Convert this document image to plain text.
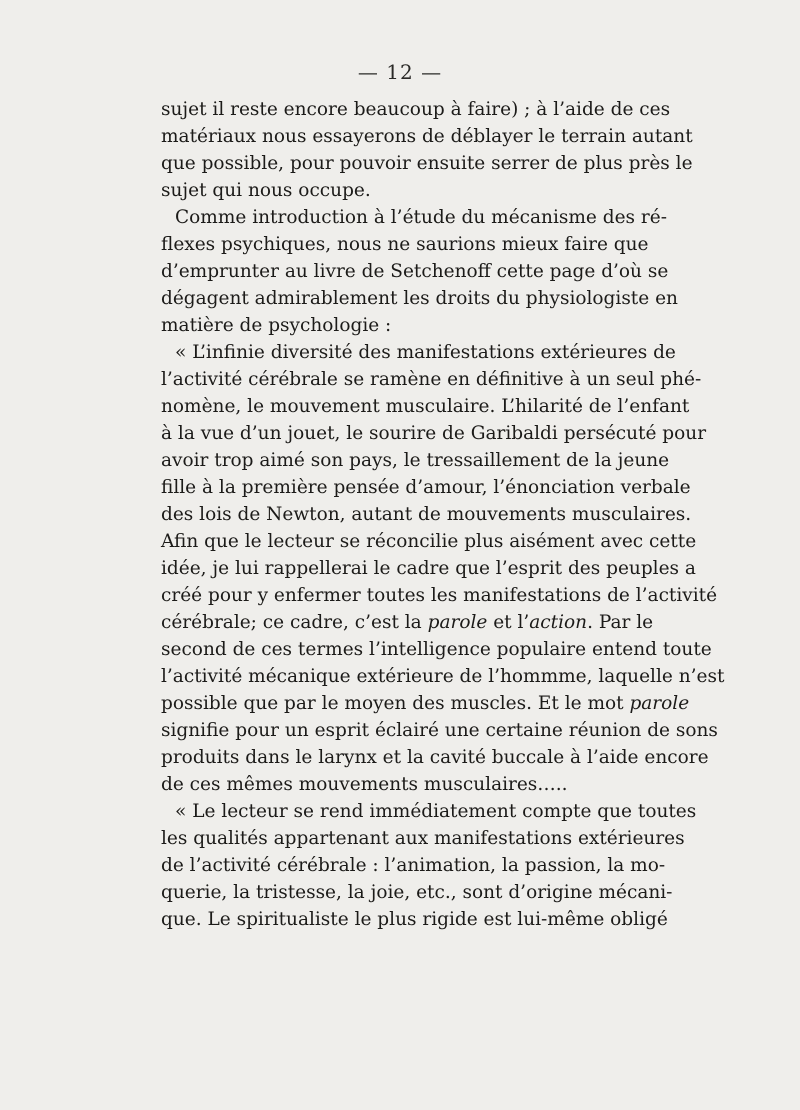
— 12 —
sujet il reste encore beaucoup à faire) ; à l’aide de ces
matériaux nous essayerons de déblayer le terrain autant
que possible, pour pouvoir ensuite serrer de plus près le
sujet qui nous occupe.
Comme introduction à l’étude du mécanisme des ré-
flexes psychiques, nous ne saurions mieux faire que
d’emprunter au livre de Setchenoff cette page d’où se
dégagent admirablement les droits du physiologiste en
matière de psychologie :
« L’infinie diversité des manifestations extérieures de
l’activité cérébrale se ramène en définitive à un seul phé-
nomène, le mouvement musculaire. L’hilarité de l’enfant
à la vue d’un jouet, le sourire de Garibaldi persécuté pour
avoir trop aimé son pays, le tressaillement de la jeune
fille à la première pensée d’amour, l’énonciation verbale
des lois de Newton, autant de mouvements musculaires.
Afin que le lecteur se réconcilie plus aisément avec cette
idée, je lui rappellerai le cadre que l’esprit des peuples a
créé pour y enfermer toutes les manifestations de l’activité
cérébrale; ce cadre, c’est la parole et l’action. Par le
second de ces termes l’intelligence populaire entend toute
l’activité mécanique extérieure de l’hommme, laquelle n’est
possible que par le moyen des muscles. Et le mot parole
signifie pour un esprit éclairé une certaine réunion de sons
produits dans le larynx et la cavité buccale à l’aide encore
de ces mêmes mouvements musculaires…..
« Le lecteur se rend immédiatement compte que toutes
les qualités appartenant aux manifestations extérieures
de l’activité cérébrale : l’animation, la passion, la mo-
querie, la tristesse, la joie, etc., sont d’origine mécani-
que. Le spiritualiste le plus rigide est lui-même obligé
